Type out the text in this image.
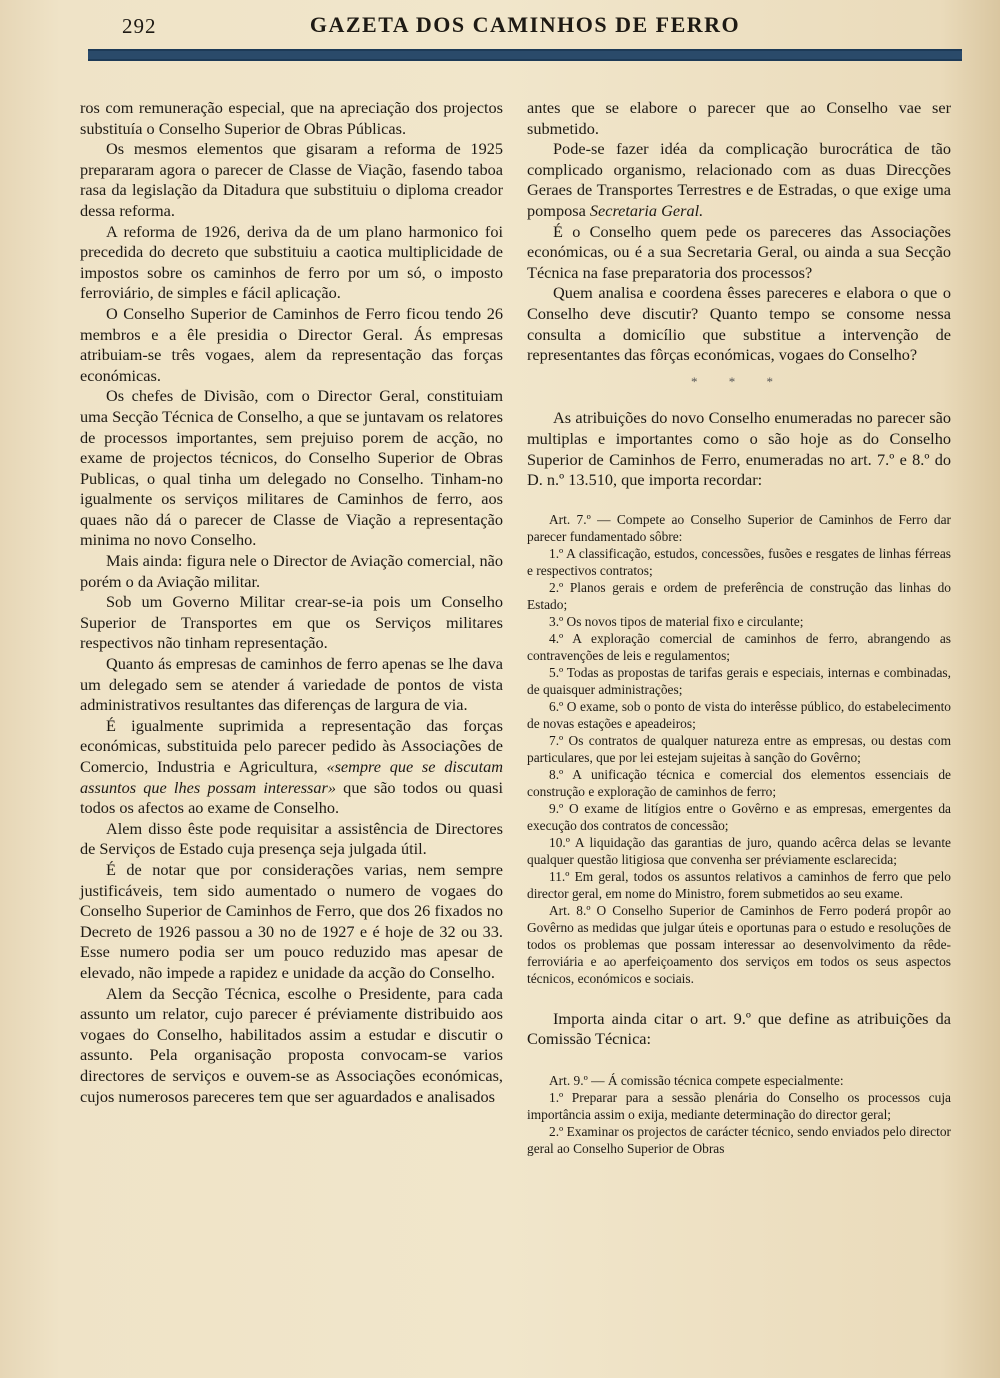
292	GAZETA DOS CAMINHOS DE FERRO

ros com remuneração especial, que na apreciação dos projectos substituía o Conselho Superior de Obras Públicas.

Os mesmos elementos que gisaram a reforma de 1925 prepararam agora o parecer de Classe de Viação, fasendo taboa rasa da legislação da Ditadura que substituiu o diploma creador dessa reforma.

A reforma de 1926, deriva da de um plano harmonico foi precedida do decreto que substituiu a caotica multiplicidade de impostos sobre os caminhos de ferro por um só, o imposto ferroviário, de simples e fácil aplicação.

O Conselho Superior de Caminhos de Ferro ficou tendo 26 membros e a êle presidia o Director Geral. Ás empresas atribuiam-se três vogaes, alem da representação das forças económicas.

Os chefes de Divisão, com o Director Geral, constituiam uma Secção Técnica de Conselho, a que se juntavam os relatores de processos importantes, sem prejuiso porem de acção, no exame de projectos técnicos, do Conselho Superior de Obras Publicas, o qual tinha um delegado no Conselho. Tinham-no igualmente os serviços militares de Caminhos de ferro, aos quaes não dá o parecer de Classe de Viação a representação minima no novo Conselho.

Mais ainda: figura nele o Director de Aviação comercial, não porém o da Aviação militar.

Sob um Governo Militar crear-se-ia pois um Conselho Superior de Transportes em que os Serviços militares respectivos não tinham representação.

Quanto ás empresas de caminhos de ferro apenas se lhe dava um delegado sem se atender á variedade de pontos de vista administrativos resultantes das diferenças de largura de via.

É igualmente suprimida a representação das forças económicas, substituida pelo parecer pedido às Associações de Comercio, Industria e Agricultura, «sempre que se discutam assuntos que lhes possam interessar» que são todos ou quasi todos os afectos ao exame de Conselho.

Alem disso êste pode requisitar a assistência de Directores de Serviços de Estado cuja presença seja julgada útil.

É de notar que por considerações varias, nem sempre justificáveis, tem sido aumentado o numero de vogaes do Conselho Superior de Caminhos de Ferro, que dos 26 fixados no Decreto de 1926 passou a 30 no de 1927 e é hoje de 32 ou 33. Esse numero podia ser um pouco reduzido mas apesar de elevado, não impede a rapidez e unidade da acção do Conselho.

Alem da Secção Técnica, escolhe o Presidente, para cada assunto um relator, cujo parecer é préviamente distribuido aos vogaes do Conselho, habilitados assim a estudar e discutir o assunto. Pela organisação proposta convocam-se varios directores de serviços e ouvem-se as Associações económicas, cujos numerosos pareceres tem que ser aguardados e analisados

antes que se elabore o parecer que ao Conselho vae ser submetido.

Pode-se fazer idéa da complicação burocrática de tão complicado organismo, relacionado com as duas Direcções Geraes de Transportes Terrestres e de Estradas, o que exige uma pomposa Secretaria Geral.

É o Conselho quem pede os pareceres das Associações económicas, ou é a sua Secretaria Geral, ou ainda a sua Secção Técnica na fase preparatoria dos processos?

Quem analisa e coordena êsses pareceres e elabora o que o Conselho deve discutir? Quanto tempo se consome nessa consulta a domicílio que substitue a intervenção de representantes das fôrças económicas, vogaes do Conselho?

* * *

As atribuições do novo Conselho enumeradas no parecer são multiplas e importantes como o são hoje as do Conselho Superior de Caminhos de Ferro, enumeradas no art. 7.º e 8.º do D. n.º 13.510, que importa recordar:

Art. 7.º — Compete ao Conselho Superior de Caminhos de Ferro dar parecer fundamentado sôbre:

1.º A classificação, estudos, concessões, fusões e resgates de linhas férreas e respectivos contratos;

2.º Planos gerais e ordem de preferência de construção das linhas do Estado;

3.º Os novos tipos de material fixo e circulante;

4.º A exploração comercial de caminhos de ferro, abrangendo as contravenções de leis e regulamentos;

5.º Todas as propostas de tarifas gerais e especiais, internas e combinadas, de quaisquer administrações;

6.º O exame, sob o ponto de vista do interêsse público, do estabelecimento de novas estações e apeadeiros;

7.º Os contratos de qualquer natureza entre as empresas, ou destas com particulares, que por lei estejam sujeitas à sanção do Govêrno;

8.º A unificação técnica e comercial dos elementos essenciais de construção e exploração de caminhos de ferro;

9.º O exame de litígios entre o Govêrno e as empresas, emergentes da execução dos contratos de concessão;

10.º A liquidação das garantias de juro, quando acêrca delas se levante qualquer questão litigiosa que convenha ser préviamente esclarecida;

11.º Em geral, todos os assuntos relativos a caminhos de ferro que pelo director geral, em nome do Ministro, forem submetidos ao seu exame.

Art. 8.º O Conselho Superior de Caminhos de Ferro poderá propôr ao Govêrno as medidas que julgar úteis e oportunas para o estudo e resoluções de todos os problemas que possam interessar ao desenvolvimento da rêde-ferroviária e ao aperfeiçoamento dos serviços em todos os seus aspectos técnicos, económicos e sociais.

Importa ainda citar o art. 9.º que define as atribuições da Comissão Técnica:

Art. 9.º — Á comissão técnica compete especialmente:

1.º Preparar para a sessão plenária do Conselho os processos cuja importância assim o exija, mediante determinação do director geral;

2.º Examinar os projectos de carácter técnico, sendo enviados pelo director geral ao Conselho Superior de Obras
